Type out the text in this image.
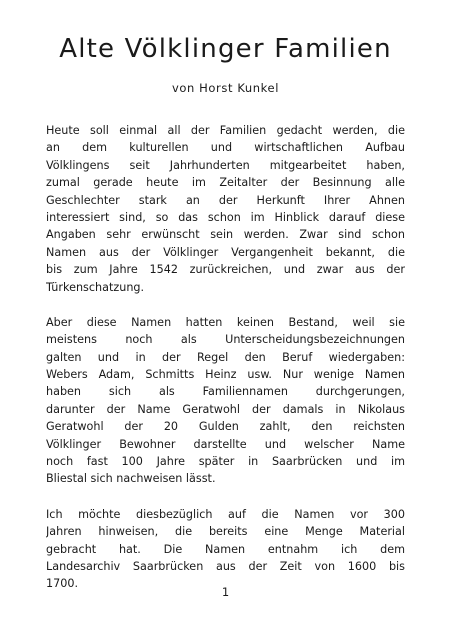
Alte Völklinger Familien
von Horst Kunkel

Heute soll einmal all der Familien gedacht werden, die
an dem kulturellen und wirtschaftlichen Aufbau
Völklingens seit Jahrhunderten mitgearbeitet haben,
zumal gerade heute im Zeitalter der Besinnung alle
Geschlechter stark an der Herkunft Ihrer Ahnen
interessiert sind, so das schon im Hinblick darauf diese
Angaben sehr erwünscht sein werden. Zwar sind schon
Namen aus der Völklinger Vergangenheit bekannt, die
bis zum Jahre 1542 zurückreichen, und zwar aus der
Türkenschatzung.

Aber diese Namen hatten keinen Bestand, weil sie
meistens noch als Unterscheidungsbezeichnungen
galten und in der Regel den Beruf wiedergaben:
Webers Adam, Schmitts Heinz usw. Nur wenige Namen
haben sich als Familiennamen durchgerungen,
darunter der Name Geratwohl der damals in Nikolaus
Geratwohl der 20 Gulden zahlt, den reichsten
Völklinger Bewohner darstellte und welscher Name
noch fast 100 Jahre später in Saarbrücken und im
Bliestal sich nachweisen lässt.

Ich möchte diesbezüglich auf die Namen vor 300
Jahren hinweisen, die bereits eine Menge Material
gebracht hat. Die Namen entnahm ich dem
Landesarchiv Saarbrücken aus der Zeit von 1600 bis
1700.

1
